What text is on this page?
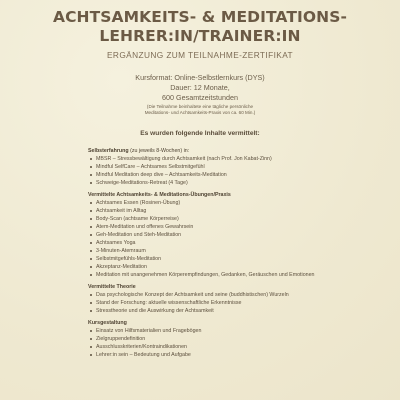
ACHTSAMKEITS- & MEDITATIONS-
LEHRER:IN/TRAINER:IN
ERGÄNZUNG ZUM TEILNAHME-ZERTIFIKAT
Kursformat: Online-Selbstlernkurs (DYS)
Dauer: 12 Monate,
600 Gesamtzeitstunden
(Die Teilnahme beinhaltete eine tägliche persönliche
Meditations- und Achtsamkeits-Praxis von ca. 60 Min.)
Es wurden folgende Inhalte vermittelt:
Selbsterfahrung (zu jeweils 8-Wochen) in:
MBSR – Stressbewältigung durch Achtsamkeit (nach Prof. Jon Kabat-Zinn)
Mindful SelfCare – Achtsames Selbstmitgefühl
Mindful Meditation deep dive – Achtsamkeits-Meditation
Schweige-Meditations-Retreat (4 Tage)
Vermittelte Achtsamkeits- & Meditations-Übungen/Praxis
Achtsames Essen (Rosinen-Übung)
Achtsamkeit im Alltag
Body-Scan (achtsame Körperreise)
Atem-Meditation und offenes Gewahrsein
Geh-Meditation und Steh-Meditation
Achtsames Yoga
3-Minuten-Atemraum
Selbstmitgefühls-Meditation
Akzeptanz-Meditation
Meditation mit unangenehmen Körperempfindungen, Gedanken, Geräuschen und Emotionen
Vermittelte Theorie
Das psychologische Konzept der Achtsamkeit und seine (buddhistischen) Wurzeln
Stand der Forschung: aktuelle wissenschaftliche Erkenntnisse
Stresstheorie und die Auswirkung der Achtsamkeit
Kursgestaltung
Einsatz von Hilfsmaterialien und Fragebögen
Zielgruppendefinition
Ausschlusskriterien/Kontraindikationen
Lehrer:in sein – Bedeutung und Aufgabe
